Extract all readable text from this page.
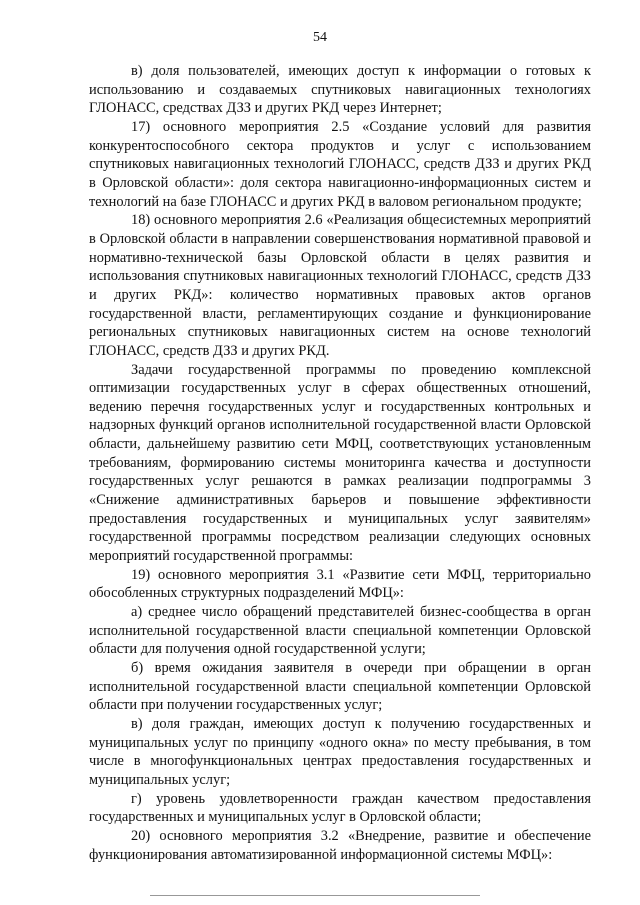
54

в) доля пользователей, имеющих доступ к информации о готовых к использованию и создаваемых спутниковых навигационных технологиях ГЛОНАСС, средствах ДЗЗ и других РКД через Интернет;

17) основного мероприятия 2.5 «Создание условий для развития конкурентоспособного сектора продуктов и услуг с использованием спутниковых навигационных технологий ГЛОНАСС, средств ДЗЗ и других РКД в Орловской области»: доля сектора навигационно-информационных систем и технологий на базе ГЛОНАСС и других РКД в валовом региональном продукте;

18) основного мероприятия 2.6 «Реализация общесистемных мероприятий в Орловской области в направлении совершенствования нормативной правовой и нормативно-технической базы Орловской области в целях развития и использования спутниковых навигационных технологий ГЛОНАСС, средств ДЗЗ и других РКД»: количество нормативных правовых актов органов государственной власти, регламентирующих создание и функционирование региональных спутниковых навигационных систем на основе технологий ГЛОНАСС, средств ДЗЗ и других РКД.

Задачи государственной программы по проведению комплексной оптимизации государственных услуг в сферах общественных отношений, ведению перечня государственных услуг и государственных контрольных и надзорных функций органов исполнительной государственной власти Орловской области, дальнейшему развитию сети МФЦ, соответствующих установленным требованиям, формированию системы мониторинга качества и доступности государственных услуг решаются в рамках реализации подпрограммы 3 «Снижение административных барьеров и повышение эффективности предоставления государственных и муниципальных услуг заявителям» государственной программы посредством реализации следующих основных мероприятий государственной программы:

19) основного мероприятия 3.1 «Развитие сети МФЦ, территориально обособленных структурных подразделений МФЦ»:

а) среднее число обращений представителей бизнес-сообщества в орган исполнительной государственной власти специальной компетенции Орловской области для получения одной государственной услуги;

б) время ожидания заявителя в очереди при обращении в орган исполнительной государственной власти специальной компетенции Орловской области при получении государственных услуг;

в) доля граждан, имеющих доступ к получению государственных и муниципальных услуг по принципу «одного окна» по месту пребывания, в том числе в многофункциональных центрах предоставления государственных и муниципальных услуг;

г) уровень удовлетворенности граждан качеством предоставления государственных и муниципальных услуг в Орловской области;

20) основного мероприятия 3.2 «Внедрение, развитие и обеспечение функционирования автоматизированной информационной системы МФЦ»:
